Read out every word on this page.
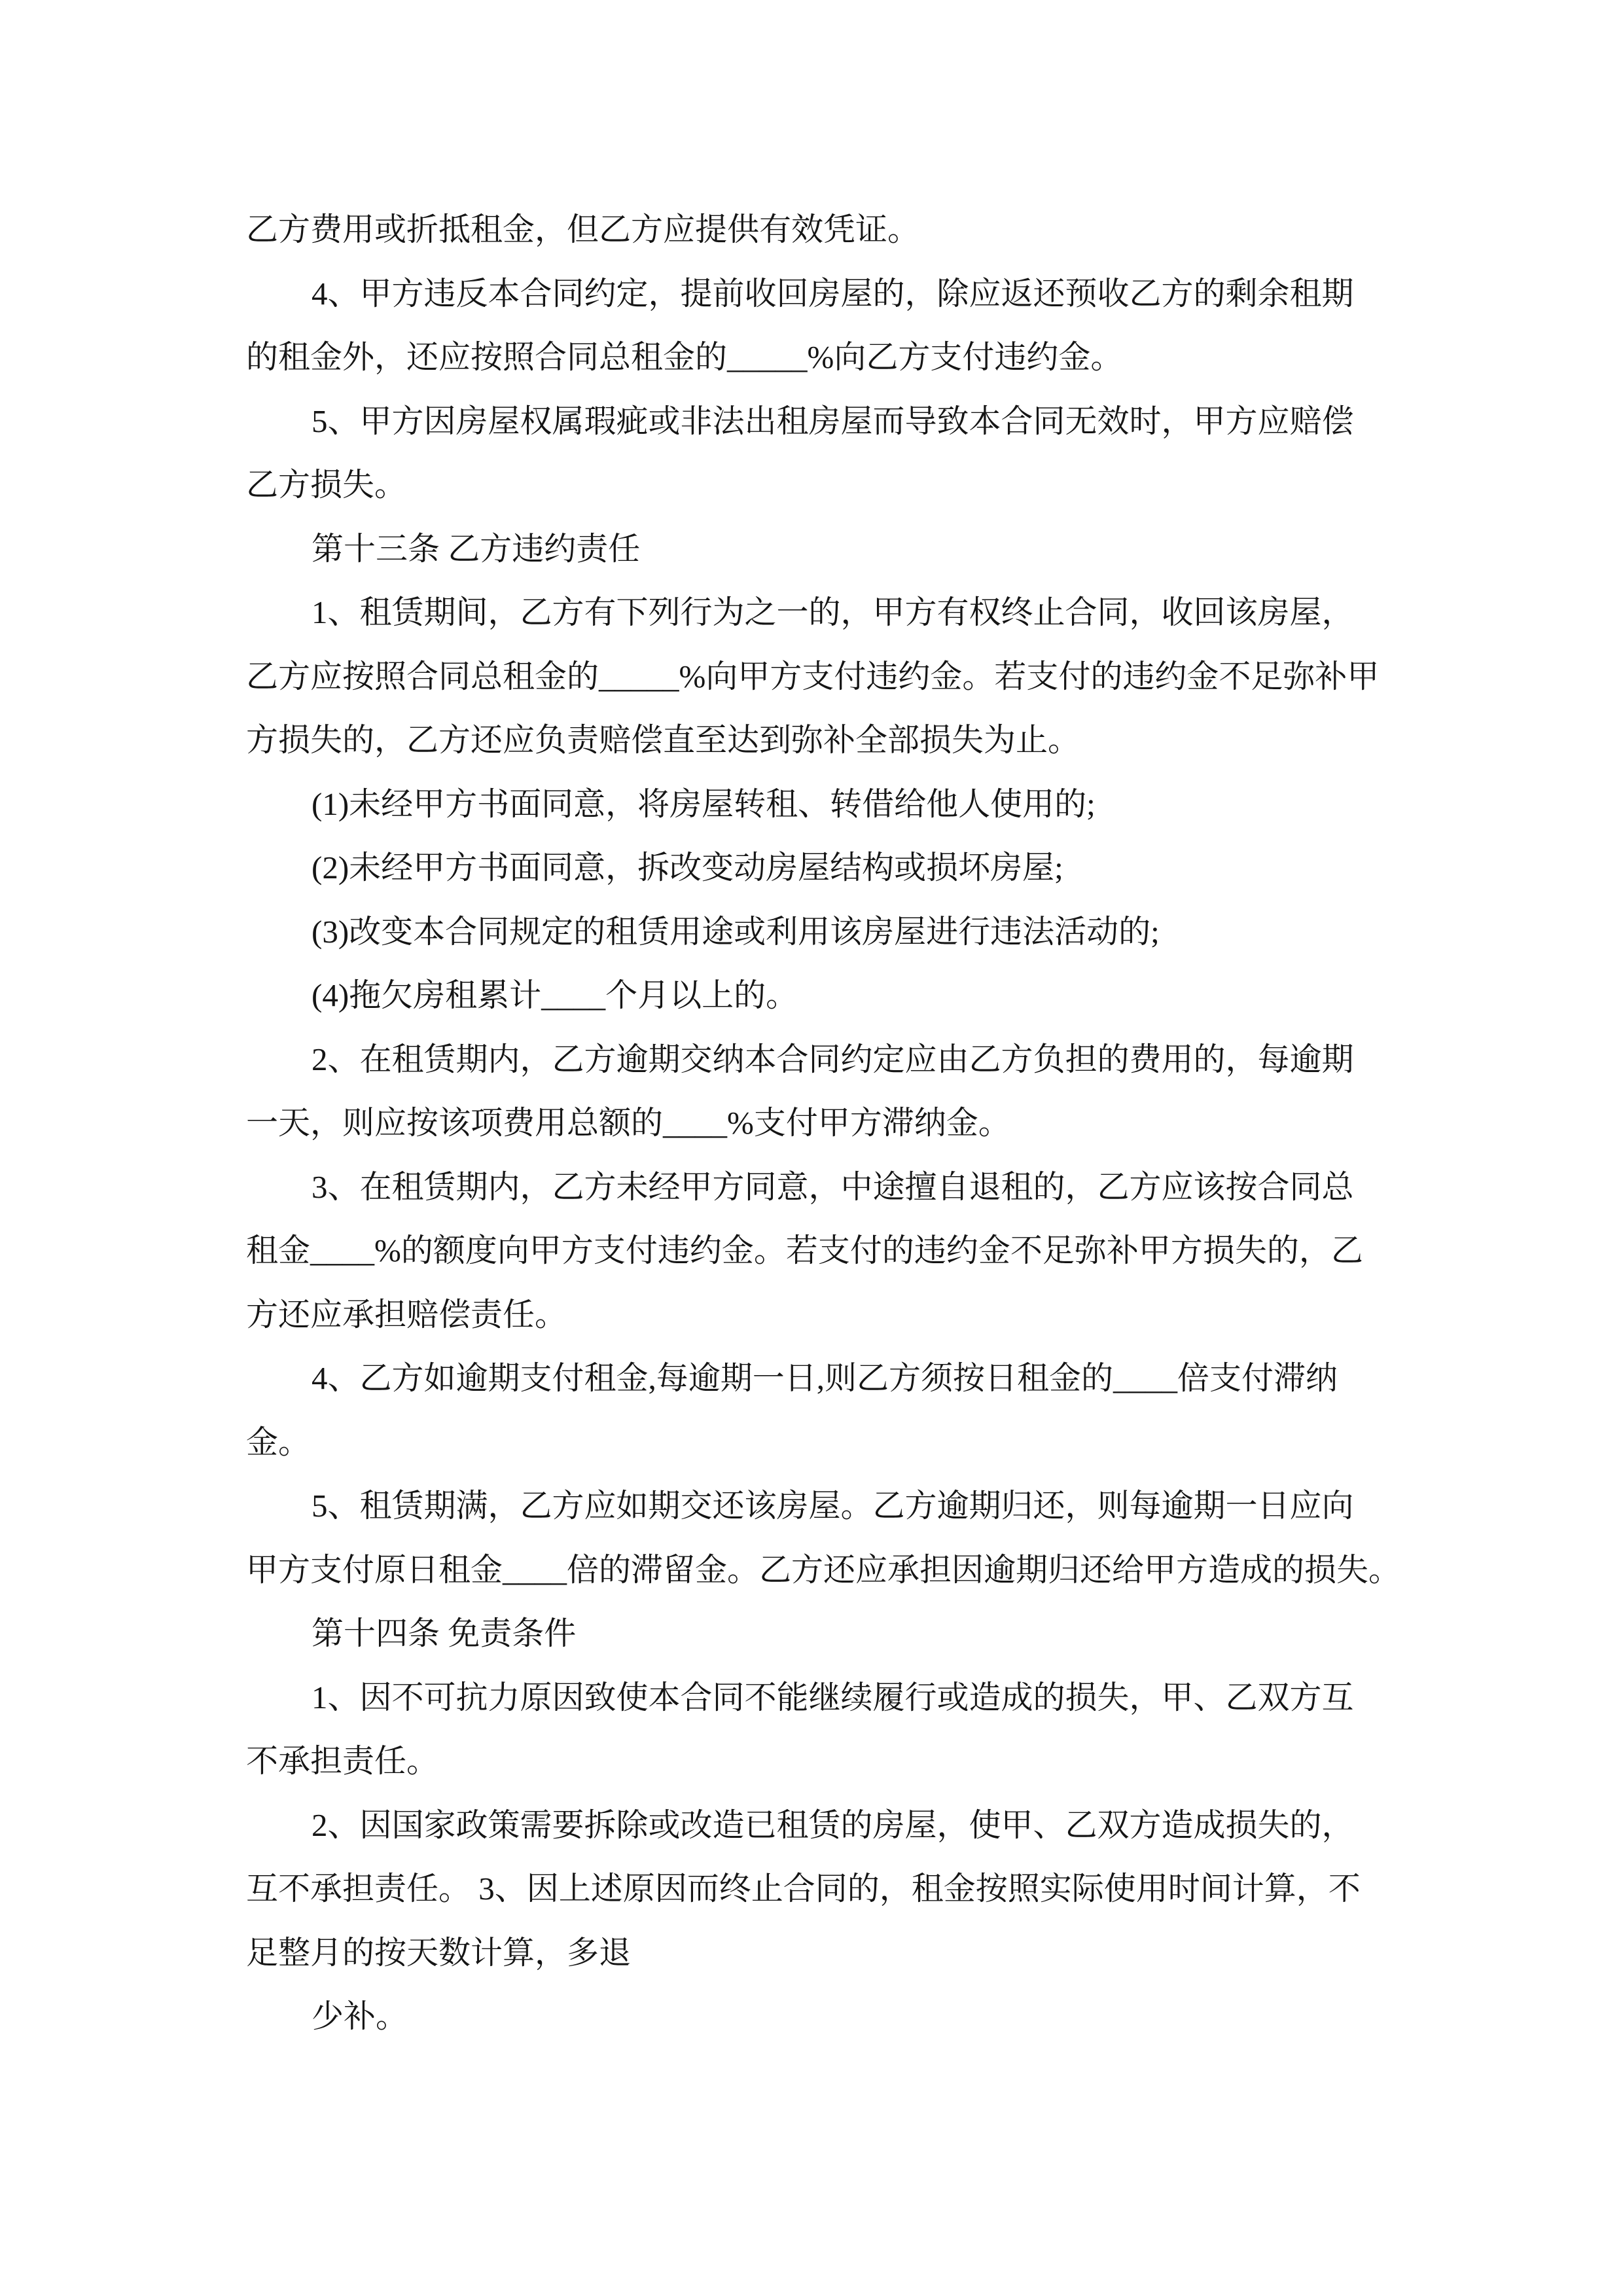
乙方费用或折抵租金，但乙方应提供有效凭证。
4、甲方违反本合同约定，提前收回房屋的，除应返还预收乙方的剩余租期
的租金外，还应按照合同总租金的_____%向乙方支付违约金。
5、甲方因房屋权属瑕疵或非法出租房屋而导致本合同无效时，甲方应赔偿
乙方损失。
第十三条 乙方违约责任
1、租赁期间，乙方有下列行为之一的，甲方有权终止合同，收回该房屋，
乙方应按照合同总租金的_____%向甲方支付违约金。若支付的违约金不足弥补甲
方损失的，乙方还应负责赔偿直至达到弥补全部损失为止。
(1)未经甲方书面同意，将房屋转租、转借给他人使用的;
(2)未经甲方书面同意，拆改变动房屋结构或损坏房屋;
(3)改变本合同规定的租赁用途或利用该房屋进行违法活动的;
(4)拖欠房租累计____个月以上的。
2、在租赁期内，乙方逾期交纳本合同约定应由乙方负担的费用的，每逾期
一天，则应按该项费用总额的____%支付甲方滞纳金。
3、在租赁期内，乙方未经甲方同意，中途擅自退租的，乙方应该按合同总
租金____%的额度向甲方支付违约金。若支付的违约金不足弥补甲方损失的，乙
方还应承担赔偿责任。
4、乙方如逾期支付租金,每逾期一日,则乙方须按日租金的____倍支付滞纳
金。
5、租赁期满，乙方应如期交还该房屋。乙方逾期归还，则每逾期一日应向
甲方支付原日租金____倍的滞留金。乙方还应承担因逾期归还给甲方造成的损失。
第十四条 免责条件
1、因不可抗力原因致使本合同不能继续履行或造成的损失，甲、乙双方互
不承担责任。
2、因国家政策需要拆除或改造已租赁的房屋，使甲、乙双方造成损失的，
互不承担责任。 3、因上述原因而终止合同的，租金按照实际使用时间计算，不
足整月的按天数计算，多退
少补。
